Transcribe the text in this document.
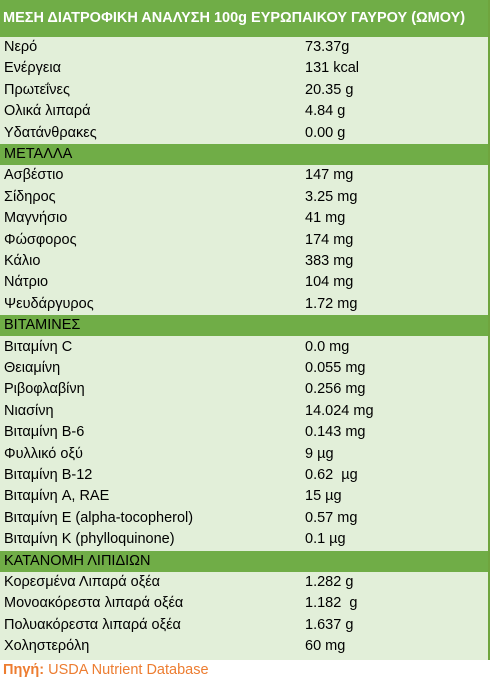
ΜΕΣΗ ΔΙΑΤΡΟΦΙΚΗ ΑΝΑΛΥΣΗ 100g ΕΥΡΩΠΑΙΚΟΥ ΓΑΥΡΟΥ (ΩΜΟΥ)
Νερό	73.37g
Ενέργεια	131 kcal
Πρωτεΐνες	20.35 g
Ολικά λιπαρά	4.84 g
Υδατάνθρακες	0.00 g
ΜΕΤΑΛΛΑ
Ασβέστιο	147 mg
Σίδηρος	3.25 mg
Μαγνήσιο	41 mg
Φώσφορος	174 mg
Κάλιο	383 mg
Νάτριο	104 mg
Ψευδάργυρος	1.72 mg
ΒΙΤΑΜΙΝΕΣ
Βιταμίνη C	0.0 mg
Θειαμίνη	0.055 mg
Ριβοφλαβίνη	0.256 mg
Νιασίνη	14.024 mg
Βιταμίνη B-6	0.143 mg
Φυλλικό οξύ	9 µg
Βιταμίνη B-12	0.62  µg
Βιταμίνη A, RAE	15 µg
Βιταμίνη E (alpha-tocopherol)	0.57 mg
Βιταμίνη K (phylloquinone)	0.1 µg
ΚΑΤΑΝΟΜΗ ΛΙΠΙΔΙΩΝ
Κορεσμένα Λιπαρά οξέα	1.282 g
Μονοακόρεστα λιπαρά οξέα	1.182  g
Πολυακόρεστα λιπαρά οξέα	1.637 g
Χοληστερόλη	60 mg
Πηγή: USDA Nutrient Database
